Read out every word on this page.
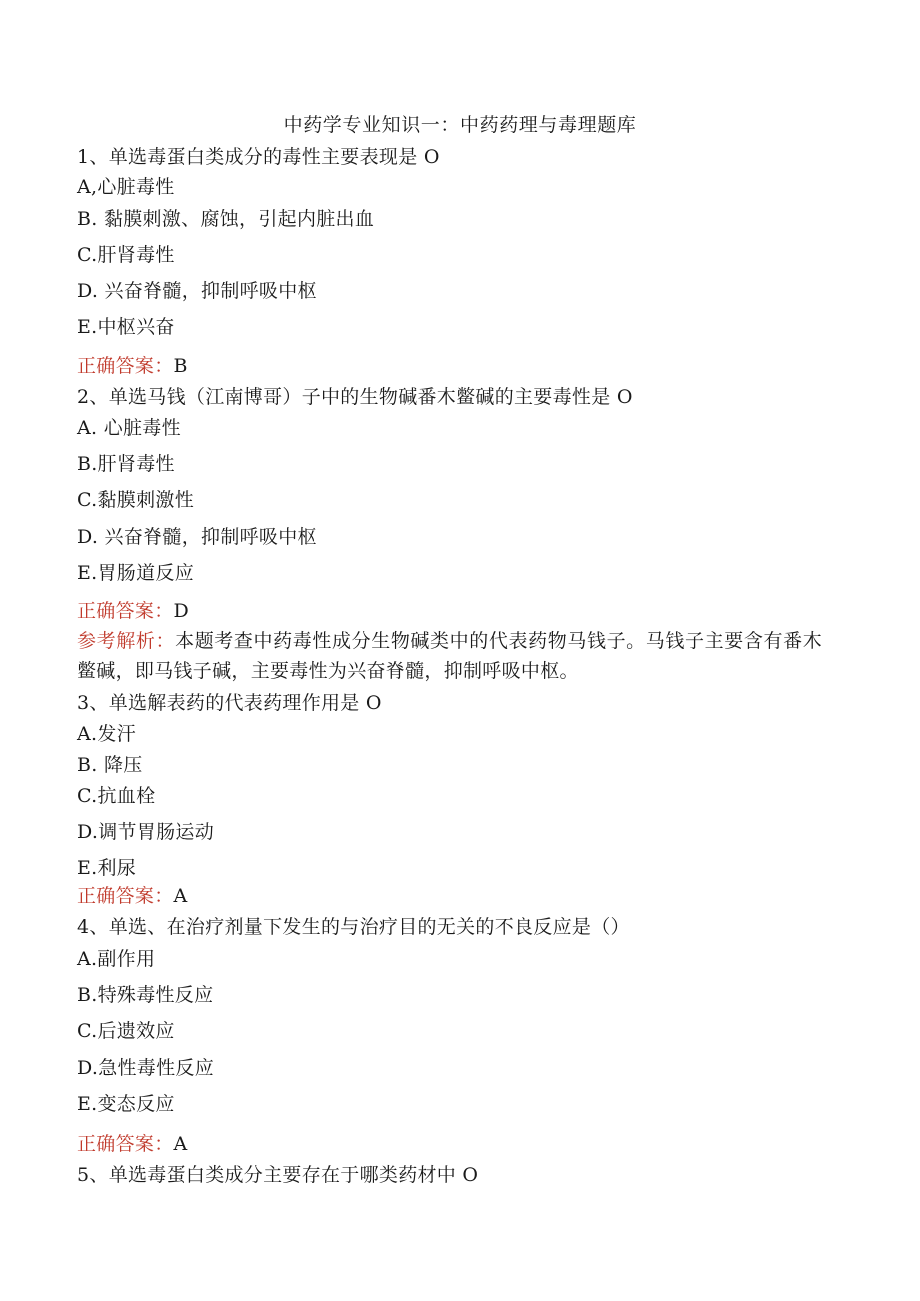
中药学专业知识一：中药药理与毒理题库
1、单选毒蛋白类成分的毒性主要表现是 O
A,心脏毒性
B. 黏膜刺激、腐蚀，引起内脏出血
C.肝肾毒性
D. 兴奋脊髓，抑制呼吸中枢
E.中枢兴奋
正确答案：B
2、单选马钱（江南博哥）子中的生物碱番木鳖碱的主要毒性是 O
A. 心脏毒性
B.肝肾毒性
C.黏膜刺激性
D. 兴奋脊髓，抑制呼吸中枢
E.胃肠道反应
正确答案：D
参考解析：本题考查中药毒性成分生物碱类中的代表药物马钱子。马钱子主要含有番木鳖碱，即马钱子碱，主要毒性为兴奋脊髓，抑制呼吸中枢。
3、单选解表药的代表药理作用是 O
A.发汗
B. 降压
C.抗血栓
D.调节胃肠运动
E.利尿
正确答案：A
4、单选、在治疗剂量下发生的与治疗目的无关的不良反应是（）
A.副作用
B.特殊毒性反应
C.后遗效应
D.急性毒性反应
E.变态反应
正确答案：A
5、单选毒蛋白类成分主要存在于哪类药材中 O
